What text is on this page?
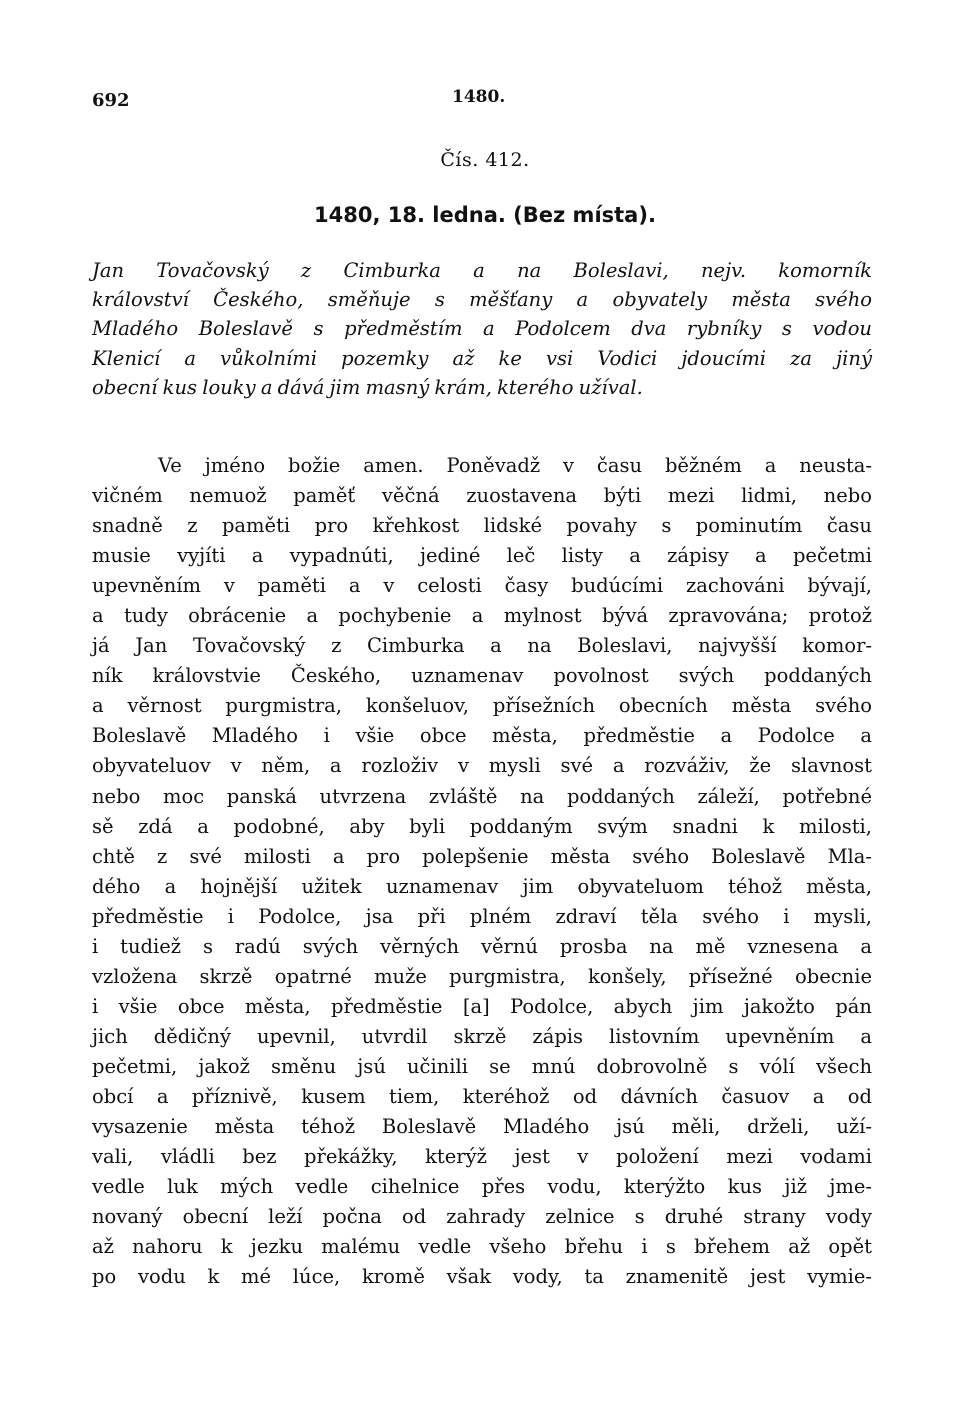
692	1480.
Čís. 412.
1480, 18. ledna. (Bez místa).
Jan Tovačovský z Cimburka a na Boleslavi, nejv. komorník
království Českého, směňuje s měšťany a obyvately města svého
Mladého Boleslavě s předměstím a Podolcem dva rybníky s vodou
Klenicí a vůkolními pozemky až ke vsi Vodici jdoucími za jiný
obecní kus louky a dává jim masný krám, kterého užíval.
Ve jméno božie amen. Poněvadž v času běžném a neusta-
vičném nemuož paměť věčná zuostavena býti mezi lidmi, nebo
snadně z paměti pro křehkost lidské povahy s pominutím času
musie vyjíti a vypadnúti, jediné leč listy a zápisy a pečetmi
upevněním v paměti a v celosti časy budúcími zachováni bývají,
a tudy obrácenie a pochybenie a mylnost bývá zpravována; protož
já Jan Tovačovský z Cimburka a na Boleslavi, najvyšší komor-
ník královstvie Českého, uznamenav povolnost svých poddaných
a věrnost purgmistra, konšeluov, přísežních obecních města svého
Boleslavě Mladého i všie obce města, předměstie a Podolce a
obyvateluov v něm, a rozloživ v mysli své a rozváživ, že slavnost
nebo moc panská utvrzena zvláště na poddaných záleží, potřebné
sě zdá a podobné, aby byli poddaným svým snadni k milosti,
chtě z své milosti a pro polepšenie města svého Boleslavě Mla-
dého a hojnější užitek uznamenav jim obyvateluom téhož města,
předměstie i Podolce, jsa při plném zdraví těla svého i mysli,
i tudiež s radú svých věrných věrnú prosba na mě vznesena a
vzložena skrzě opatrné muže purgmistra, konšely, přísežné obecnie
i všie obce města, předměstie [a] Podolce, abych jim jakožto pán
jich dědičný upevnil, utvrdil skrzě zápis listovním upevněním a
pečetmi, jakož směnu jsú učinili se mnú dobrovolně s vólí všech
obcí a příznivě, kusem tiem, kteréhož od dávních časuov a od
vysazenie města téhož Boleslavě Mladého jsú měli, drželi, uží-
vali, vládli bez překážky, kterýž jest v položení mezi vodami
vedle luk mých vedle cihelnice přes vodu, kterýžto kus již jme-
novaný obecní leží počna od zahrady zelnice s druhé strany vody
až nahoru k jezku malému vedle všeho břehu i s břehem až opět
po vodu k mé lúce, kromě však vody, ta znamenitě jest vymie-
